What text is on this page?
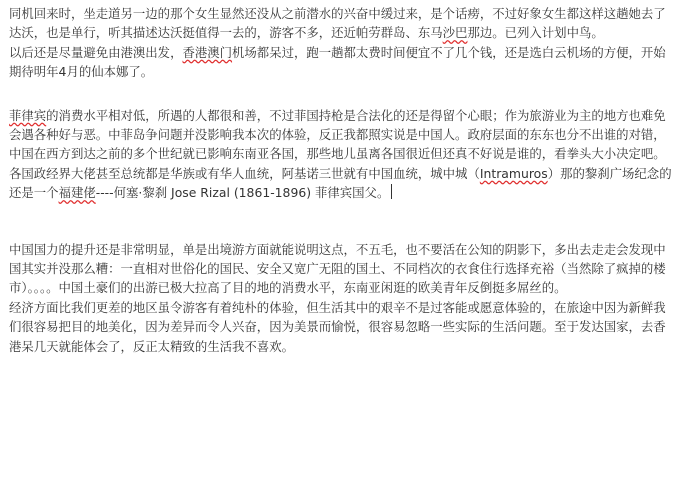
同机回来时，坐走道另一边的那个女生显然还没从之前潜水的兴奋中缓过来，是个话痨，不过好象女生都这样这趟她去了达沃，也是单行，听其描述达沃挺值得一去的，游客不多，还近帕劳群岛、东马沙巴那边。已列入计划中鸟。

以后还是尽量避免由港澳出发，香港澳门机场都呆过，跑一趟都太费时间便宜不了几个钱，还是选白云机场的方便，开始期待明年4月的仙本娜了。

菲律宾的消费水平相对低，所遇的人都很和善，不过菲国持枪是合法化的还是得留个心眼；作为旅游业为主的地方也难免会遇各种好与恶。中菲岛争问题并没影响我本次的体验，反正我都照实说是中国人。政府层面的东东也分不出谁的对错，中国在西方到达之前的多个世纪就已影响东南亚各国，那些地儿虽离各国很近但还真不好说是谁的，看拳头大小决定吧。各国政经界大佬甚至总统都是华族或有华人血统，阿基诺三世就有中国血统，城中城（Intramuros）那的黎刹广场纪念的还是一个福建佬----何塞·黎刹 Jose Rizal (1861-1896) 菲律宾国父。

中国国力的提升还是非常明显，单是出境游方面就能说明这点，不五毛，也不要活在公知的阴影下，多出去走走会发现中国其实并没那么糟：一直相对世俗化的国民、安全又宽广无阻的国土、不同档次的衣食住行选择充裕（当然除了疯掉的楼市）。。。。中国土豪们的出游已极大拉高了目的地的消费水平，东南亚闲逛的欧美青年反倒挺多屌丝的。

经济方面比我们更差的地区虽令游客有着纯朴的体验，但生活其中的艰辛不是过客能或愿意体验的，在旅途中因为新鲜我们很容易把目的地美化，因为差异而令人兴奋，因为美景而愉悦，很容易忽略一些实际的生活问题。至于发达国家，去香港呆几天就能体会了，反正太精致的生活我不喜欢。
